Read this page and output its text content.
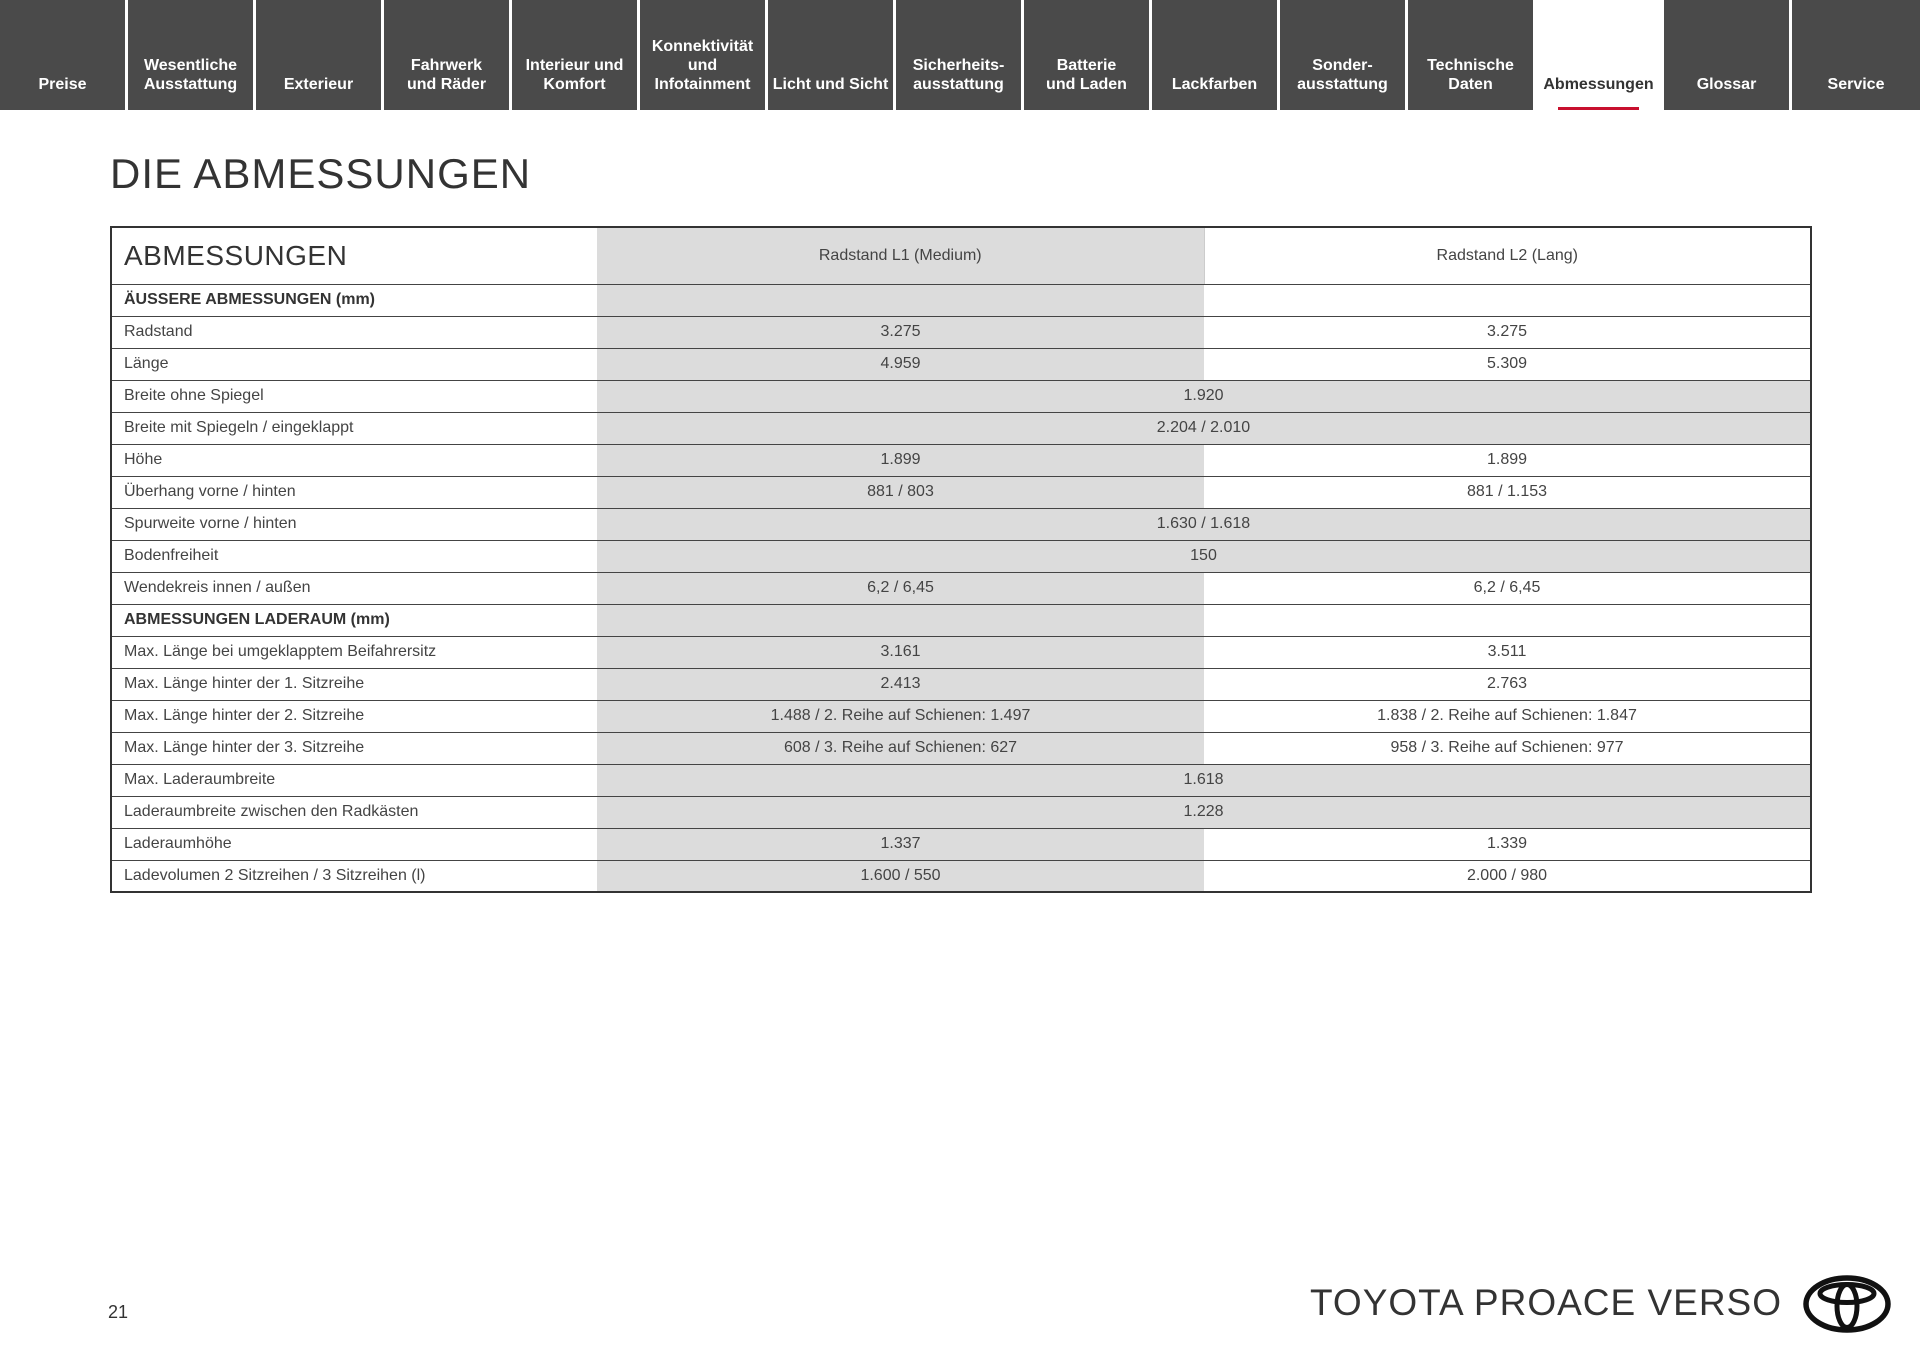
Preise
Wesentliche
Ausstattung	Exterieur
Fahrwerk
und Räder
Interieur und
Komfort
Konnektivität
und
Infotainment Licht und Sicht
Sicherheits-
ausstattung
Batterie
und Laden	Lackfarben
Sonder-
ausstattung
Technische
Daten	Abmessungen	Glossar	Service
DIE ABMESSUNGEN
ABMESSUNGEN	Radstand L1 (Medium)	Radstand L2 (Lang)
ÄUSSERE ABMESSUNGEN (mm)		
Radstand	3.275	3.275
Länge	4.959	5.309
Breite ohne Spiegel	1.920	
Breite mit Spiegeln / eingeklappt	2.204 / 2.010	
Höhe	1.899	1.899
Überhang vorne / hinten	881 / 803	881 / 1.153
Spurweite vorne / hinten	1.630 / 1.618	
Bodenfreiheit	150	
Wendekreis innen / außen	6,2 / 6,45	6,2 / 6,45
ABMESSUNGEN LADERAUM (mm)		
Max. Länge bei umgeklapptem Beifahrersitz	3.161	3.511
Max. Länge hinter der 1. Sitzreihe	2.413	2.763
Max. Länge hinter der 2. Sitzreihe	1.488 / 2. Reihe auf Schienen: 1.497	1.838 / 2. Reihe auf Schienen: 1.847
Max. Länge hinter der 3. Sitzreihe	608 / 3. Reihe auf Schienen: 627	958 / 3. Reihe auf Schienen: 977
Max. Laderaumbreite	1.618	
Laderaumbreite zwischen den Radkästen	1.228	
Laderaumhöhe	1.337	1.339
Ladevolumen 2 Sitzreihen / 3 Sitzreihen (l)	1.600 / 550	2.000 / 980
21	TOYOTA PROACE VERSO
